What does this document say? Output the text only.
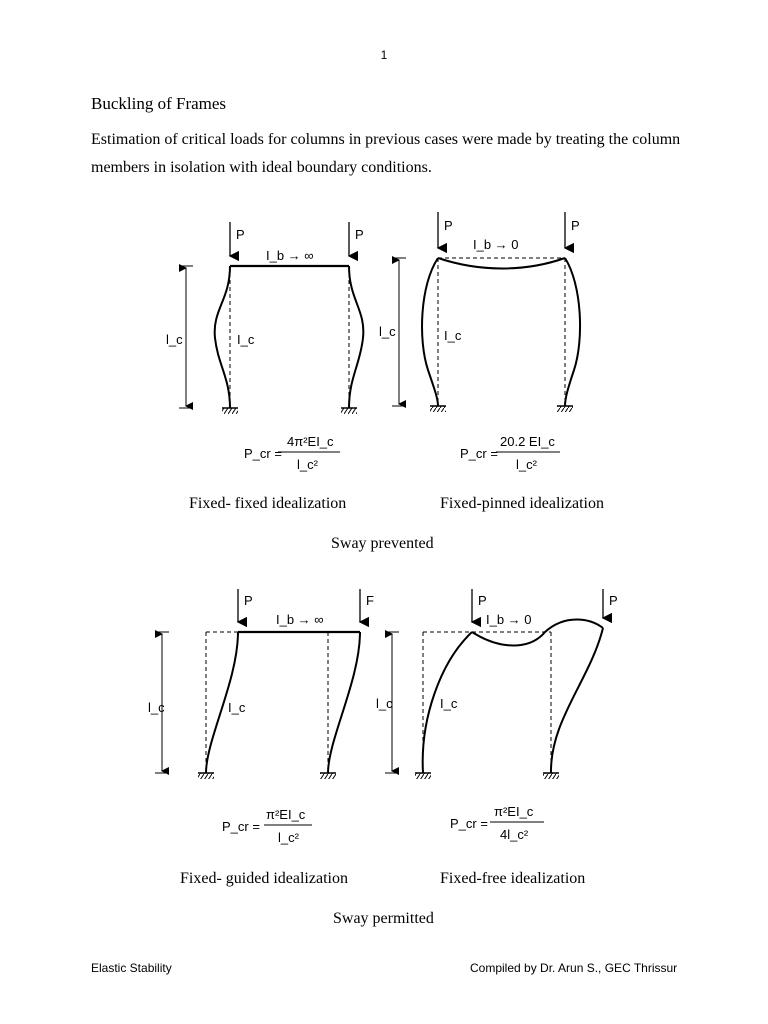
1
Buckling of Frames
Estimation of critical loads for columns in previous cases were made by treating the column members in isolation with ideal boundary conditions.
P	P
I_b → ∞
I_c
l_c
P_cr =
4π²EI_c
l_c²
P	P
I_b → 0
I_c
l_c
P_cr =
20.2 EI_c
l_c²
P	F
I_b → ∞
I_c
l_c
P_cr =
π²EI_c
l_c²
P	P
I_b → 0
I_c
l_c
P_cr =
π²EI_c
4l_c²
Fixed- fixed idealization	Fixed-pinned idealization
Sway prevented
Fixed- guided idealization	Fixed-free idealization
Sway permitted
Elastic Stability	Compiled by Dr. Arun S., GEC Thrissur
